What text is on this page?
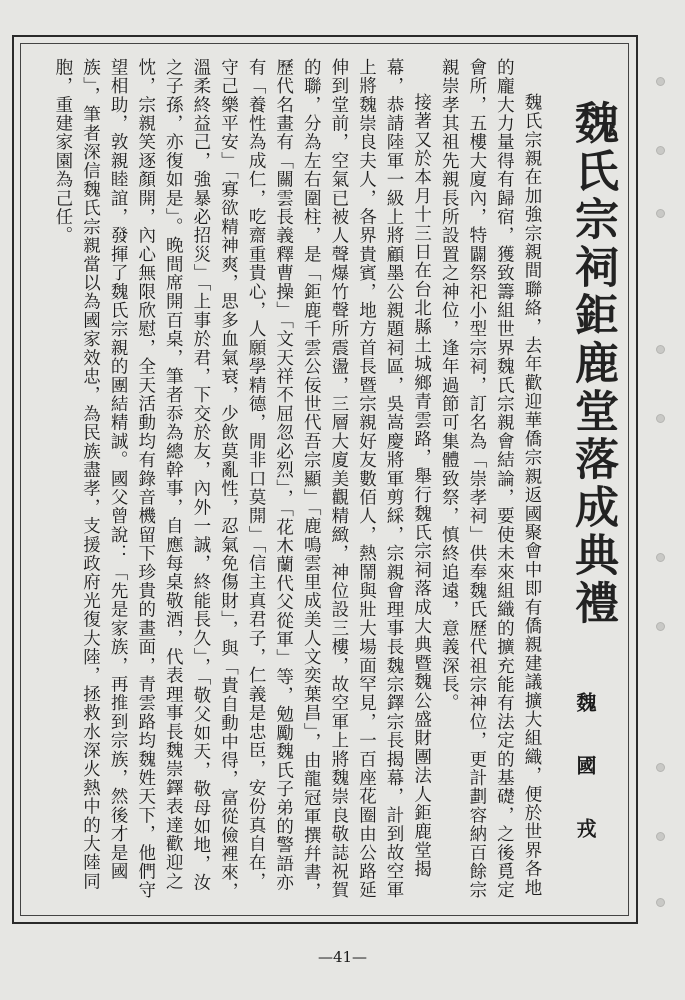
魏氏宗祠鉅鹿堂落成典禮
魏 國 戎

魏氏宗親在加強宗親間聯絡，去年歡迎華僑宗親返國聚會中即有僑親建議擴大組織，便於世界各地的龐大力量得有歸宿，獲致籌組世界魏氏宗親會結論，要使未來組織的擴充能有法定的基礎，之後覓定會所，五樓大廈內，特闢祭祀小型宗祠，訂名為「崇孝祠」供奉魏氏歷代祖宗神位，更計劃容納百餘宗親崇孝其祖先親長所設置之神位，逢年過節可集體致祭，慎終追遠，意義深長。

接著又於本月十三日在台北縣土城鄉青雲路，舉行魏氏宗祠落成大典暨魏公盛財團法人鉅鹿堂揭幕，恭請陸軍一級上將顧墨公親題祠區，吳嵩慶將軍剪綵，宗親會理事長魏宗鐸宗長揭幕，計到故空軍上將魏崇良夫人，各界貴賓，地方首長暨宗親好友數佰人，熱鬧與壯大場面罕見，一百座花圈由公路延伸到堂前，空氣已被人聲爆竹聲所震盪，三層大廈美觀精緻，神位設三樓，故空軍上將魏崇良敬誌祝賀的聯，分為左右圍柱，是「鉅鹿千雲公佞世代吾宗顯」「鹿鳴雲里成美人文奕葉昌」，由龍冠軍撰幷書，歷代名畫有「關雲長義釋曹操」「文天祥不屈忽必烈」，「花木蘭代父從軍」等，勉勵魏氏子弟的警語亦有「養性為成仁，吃齋重貴心，人願學精德，閒非口莫開」「信主真君子，仁義是忠臣，安份真自在，守己樂平安」「寡欲精神爽，思多血氣衰，少飲莫亂性，忍氣免傷財」，與「貴自動中得，富從儉裡來，溫柔終益己，強暴必招災」「上事於君，下交於友，內外一誠，終能長久」，「敬父如天，敬母如地，汝之子孫，亦復如是」。晚間席開百桌，筆者忝為總幹事，自應每桌敬酒，代表理事長魏崇鐸表達歡迎之忱，宗親笑逐顏開，內心無限欣慰，全天活動均有錄音機留下珍貴的畫面，青雲路均魏姓天下，他們守望相助，敦親睦誼，發揮了魏氏宗親的團結精誠。國父曾說：「先是家族，再推到宗族，然後才是國族」，筆者深信魏氏宗親當以為國家效忠，為民族盡孝，支援政府光復大陸，拯救水深火熱中的大陸同胞，重建家園為己任。

—41—
